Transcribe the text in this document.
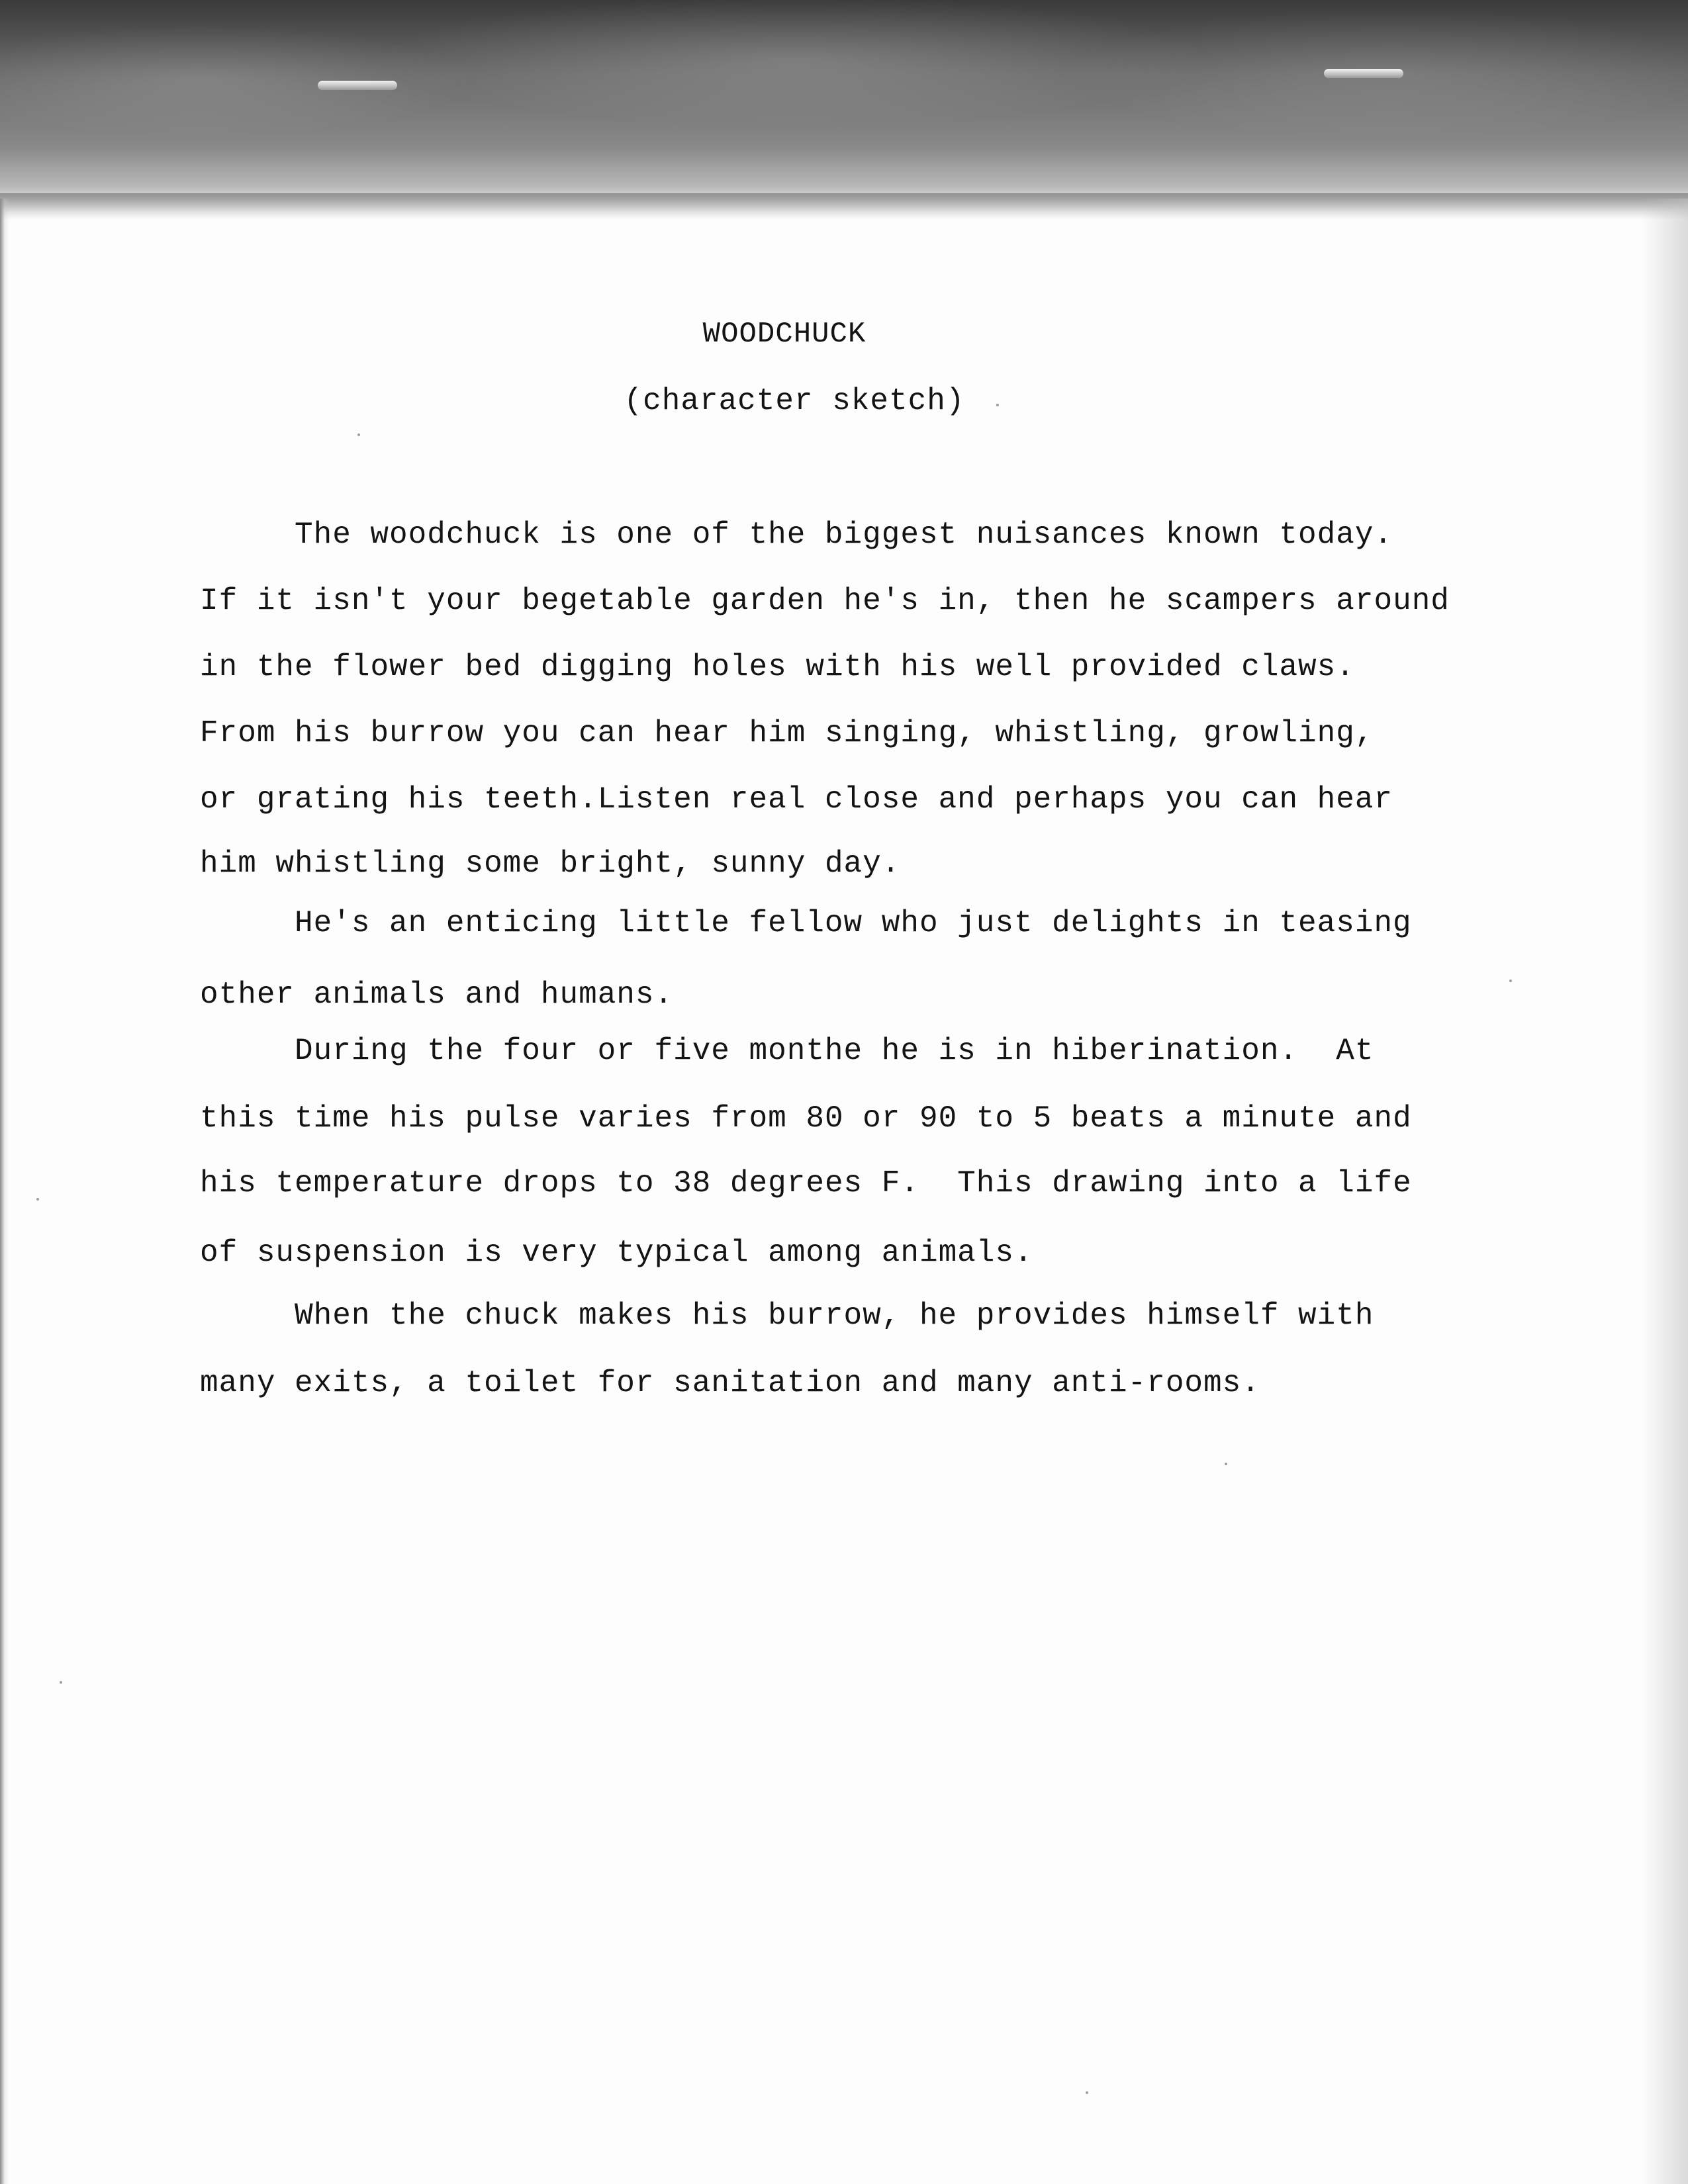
WOODCHUCK
(character sketch)
The woodchuck is one of the biggest nuisances known today.
If it isn't your begetable garden he's in, then he scampers around
in the flower bed digging holes with his well provided claws.
From his burrow you can hear him singing, whistling, growling,
or grating his teeth.Listen real close and perhaps you can hear
him whistling some bright, sunny day.
He's an enticing little fellow who just delights in teasing
other animals and humans.
During the four or five monthe he is in hiberination.  At
this time his pulse varies from 80 or 90 to 5 beats a minute and
his temperature drops to 38 degrees F.  This drawing into a life
of suspension is very typical among animals.
When the chuck makes his burrow, he provides himself with
many exits, a toilet for sanitation and many anti-rooms.
